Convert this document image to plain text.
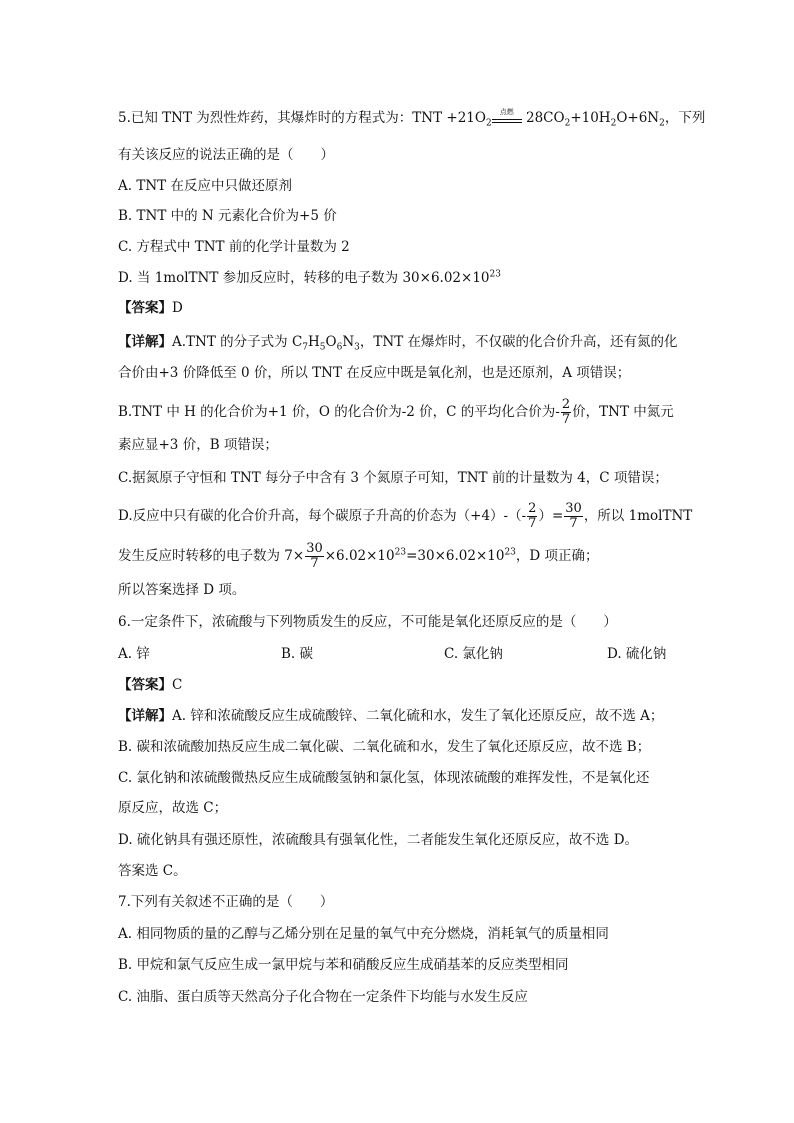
5.已知 TNT 为烈性炸药，其爆炸时的方程式为：TNT $+21O_2$
点燃 $28CO_2+10H_2O+6N_2$，下列
有关该反应的说法正确的是（　　）
A. TNT 在反应中只做还原剂
B. TNT 中的 N 元素化合价为+5 价
C. 方程式中 TNT 前的化学计量数为 2
D. 当 1molTNT 参加反应时，转移的电子数为 $30\times 6.02\times 10^{23}$
【答案】D
【详解】A.TNT 的分子式为 $C_7H_5O_6N_3$，TNT 在爆炸时，不仅碳的化合价升高，还有氮的化
合价由+3 价降低至 0 价，所以 TNT 在反应中既是氧化剂，也是还原剂，A 项错误；
B.TNT 中 H 的化合价为+1 价，O 的化合价为-2 价，C 的平均化合价为- $\frac{2}{7}$ 价，TNT 中氮元
素应显+3 价，B 项错误；
C.据氮原子守恒和 TNT 每分子中含有 3 个氮原子可知，TNT 前的计量数为 4，C 项错误；
D.反应中只有碳的化合价升高，每个碳原子升高的价态为$(+4)-(- \frac{2}{7}$ ）= $\frac{30}{7}$ ，所以 1molTNT
发生反应时转移的电子数为 $7\times \frac{30}{7} \times 6.02\times 10^{23}=30\times 6.02\times 10^{23}$，D 项正确；
所以答案选择 D 项。
6.一定条件下，浓硫酸与下列物质发生的反应，不可能是氧化还原反应的是（　　）
A. 锌	B. 碳	C. 氯化钠	D. 硫化钠
【答案】C
【详解】A. 锌和浓硫酸反应生成硫酸锌、二氧化硫和水，发生了氧化还原反应，故不选 A；
B. 碳和浓硫酸加热反应生成二氧化碳、二氧化硫和水，发生了氧化还原反应，故不选 B；
C. 氯化钠和浓硫酸微热反应生成硫酸氢钠和氯化氢，体现浓硫酸的难挥发性，不是氧化还
原反应，故选 C；
D. 硫化钠具有强还原性，浓硫酸具有强氧化性，二者能发生氧化还原反应，故不选 D。
答案选 C。
7.下列有关叙述不正确的是（　　）
A. 相同物质的量的乙醇与乙烯分别在足量的氧气中充分燃烧，消耗氧气的质量相同
B. 甲烷和氯气反应生成一氯甲烷与苯和硝酸反应生成硝基苯的反应类型相同
C. 油脂、蛋白质等天然高分子化合物在一定条件下均能与水发生反应
